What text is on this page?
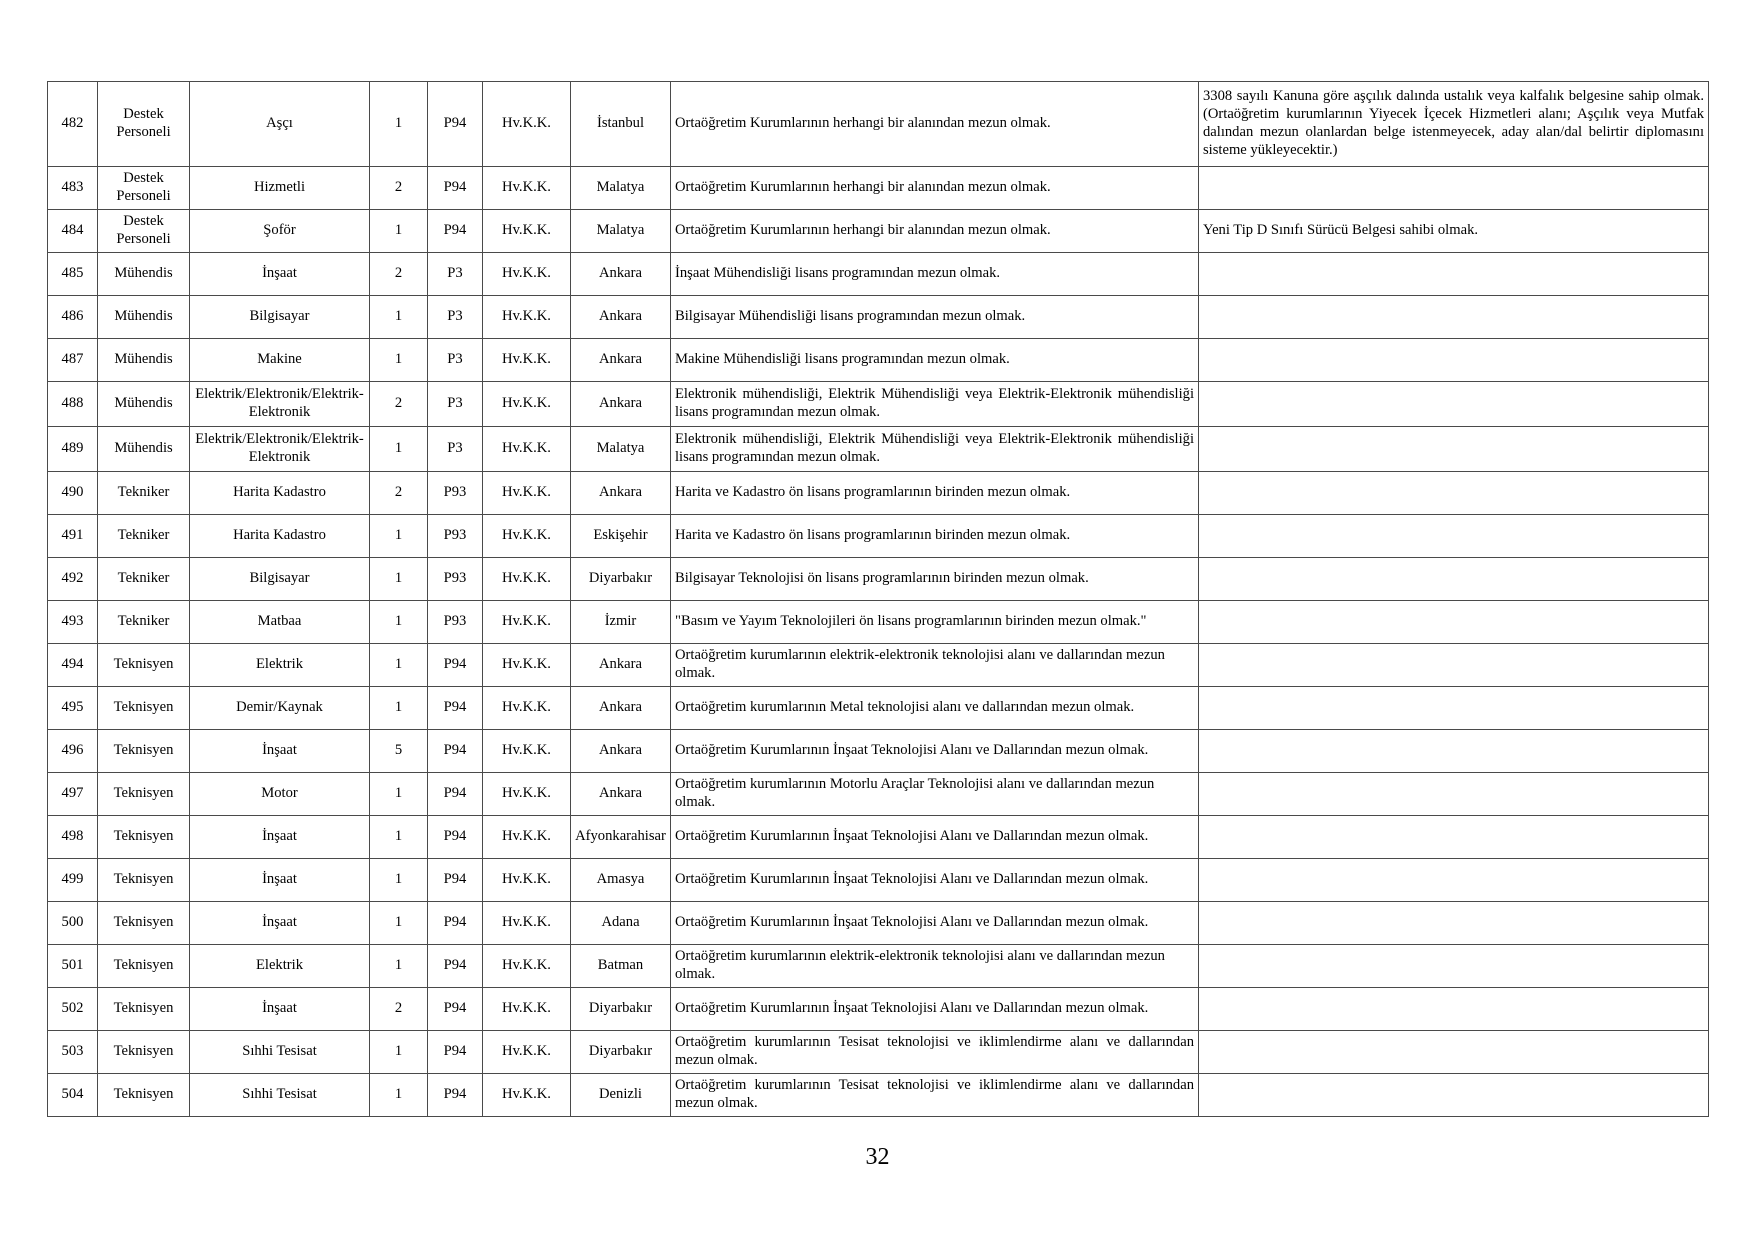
482	Destek Personeli	Aşçı	1	P94	Hv.K.K.	İstanbul	Ortaöğretim Kurumlarının herhangi bir alanından mezun olmak.	3308 sayılı Kanuna göre aşçılık dalında ustalık veya kalfalık belgesine sahip olmak. (Ortaöğretim kurumlarının Yiyecek İçecek Hizmetleri alanı; Aşçılık veya Mutfak dalından mezun olanlardan belge istenmeyecek, aday alan/dal belirtir diplomasını sisteme yükleyecektir.)
483	Destek Personeli	Hizmetli	2	P94	Hv.K.K.	Malatya	Ortaöğretim Kurumlarının herhangi bir alanından mezun olmak.	
484	Destek Personeli	Şoför	1	P94	Hv.K.K.	Malatya	Ortaöğretim Kurumlarının herhangi bir alanından mezun olmak.	Yeni Tip D Sınıfı Sürücü Belgesi sahibi olmak.
485	Mühendis	İnşaat	2	P3	Hv.K.K.	Ankara	İnşaat Mühendisliği lisans programından mezun olmak.	
486	Mühendis	Bilgisayar	1	P3	Hv.K.K.	Ankara	Bilgisayar Mühendisliği lisans programından mezun olmak.	
487	Mühendis	Makine	1	P3	Hv.K.K.	Ankara	Makine Mühendisliği lisans programından mezun olmak.	
488	Mühendis	Elektrik/Elektronik/Elektrik-Elektronik	2	P3	Hv.K.K.	Ankara	Elektronik mühendisliği, Elektrik Mühendisliği veya Elektrik-Elektronik mühendisliği lisans programından mezun olmak.	
489	Mühendis	Elektrik/Elektronik/Elektrik-Elektronik	1	P3	Hv.K.K.	Malatya	Elektronik mühendisliği, Elektrik Mühendisliği veya Elektrik-Elektronik mühendisliği lisans programından mezun olmak.	
490	Tekniker	Harita Kadastro	2	P93	Hv.K.K.	Ankara	Harita ve Kadastro ön lisans programlarının birinden mezun olmak.	
491	Tekniker	Harita Kadastro	1	P93	Hv.K.K.	Eskişehir	Harita ve Kadastro ön lisans programlarının birinden mezun olmak.	
492	Tekniker	Bilgisayar	1	P93	Hv.K.K.	Diyarbakır	Bilgisayar Teknolojisi ön lisans programlarının birinden mezun olmak.	
493	Tekniker	Matbaa	1	P93	Hv.K.K.	İzmir	"Basım ve Yayım Teknolojileri ön lisans programlarının birinden mezun olmak."	
494	Teknisyen	Elektrik	1	P94	Hv.K.K.	Ankara	Ortaöğretim kurumlarının elektrik-elektronik teknolojisi alanı ve dallarından mezun olmak.	
495	Teknisyen	Demir/Kaynak	1	P94	Hv.K.K.	Ankara	Ortaöğretim kurumlarının Metal teknolojisi alanı ve dallarından mezun olmak.	
496	Teknisyen	İnşaat	5	P94	Hv.K.K.	Ankara	Ortaöğretim Kurumlarının İnşaat Teknolojisi Alanı ve Dallarından mezun olmak.	
497	Teknisyen	Motor	1	P94	Hv.K.K.	Ankara	Ortaöğretim kurumlarının Motorlu Araçlar Teknolojisi alanı ve dallarından mezun olmak.	
498	Teknisyen	İnşaat	1	P94	Hv.K.K.	Afyonkarahisar	Ortaöğretim Kurumlarının İnşaat Teknolojisi Alanı ve Dallarından mezun olmak.	
499	Teknisyen	İnşaat	1	P94	Hv.K.K.	Amasya	Ortaöğretim Kurumlarının İnşaat Teknolojisi Alanı ve Dallarından mezun olmak.	
500	Teknisyen	İnşaat	1	P94	Hv.K.K.	Adana	Ortaöğretim Kurumlarının İnşaat Teknolojisi Alanı ve Dallarından mezun olmak.	
501	Teknisyen	Elektrik	1	P94	Hv.K.K.	Batman	Ortaöğretim kurumlarının elektrik-elektronik teknolojisi alanı ve dallarından mezun olmak.	
502	Teknisyen	İnşaat	2	P94	Hv.K.K.	Diyarbakır	Ortaöğretim Kurumlarının İnşaat Teknolojisi Alanı ve Dallarından mezun olmak.	
503	Teknisyen	Sıhhi Tesisat	1	P94	Hv.K.K.	Diyarbakır	Ortaöğretim kurumlarının Tesisat teknolojisi ve iklimlendirme alanı ve dallarından mezun olmak.	
504	Teknisyen	Sıhhi Tesisat	1	P94	Hv.K.K.	Denizli	Ortaöğretim kurumlarının Tesisat teknolojisi ve iklimlendirme alanı ve dallarından mezun olmak.	
32
